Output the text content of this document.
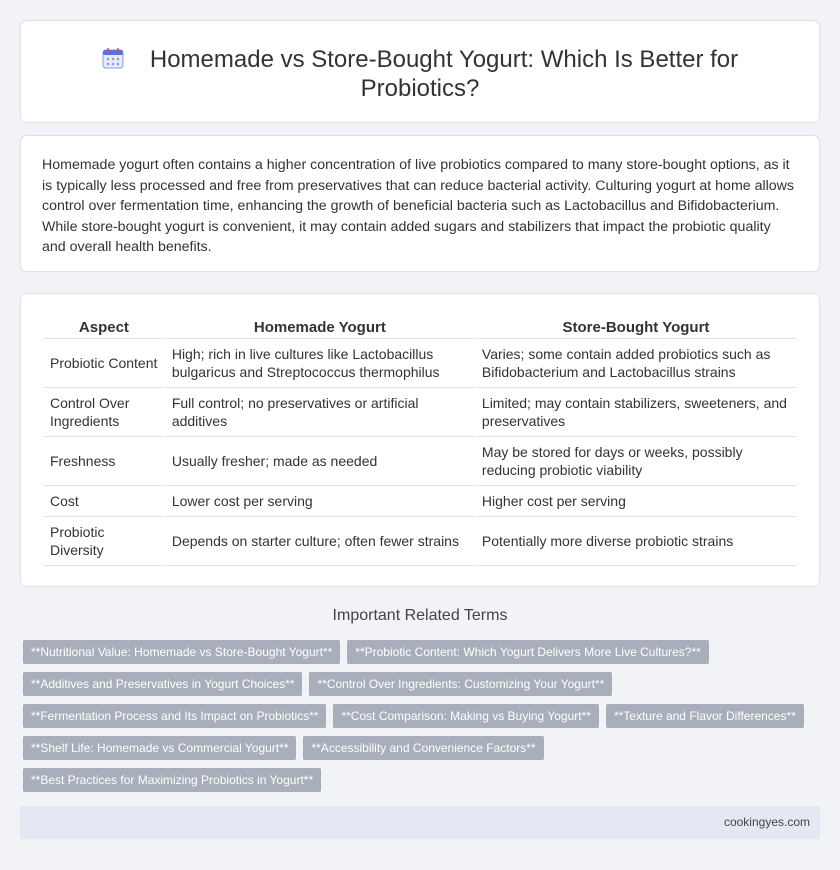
Homemade vs Store-Bought Yogurt: Which Is Better for Probiotics?

Homemade yogurt often contains a higher concentration of live probiotics compared to many store-bought options, as it is typically less processed and free from preservatives that can reduce bacterial activity. Culturing yogurt at home allows control over fermentation time, enhancing the growth of beneficial bacteria such as Lactobacillus and Bifidobacterium. While store-bought yogurt is convenient, it may contain added sugars and stabilizers that impact the probiotic quality and overall health benefits.

Aspect	Homemade Yogurt	Store-Bought Yogurt
Probiotic Content	High; rich in live cultures like Lactobacillus bulgaricus and Streptococcus thermophilus	Varies; some contain added probiotics such as Bifidobacterium and Lactobacillus strains
Control Over Ingredients	Full control; no preservatives or artificial additives	Limited; may contain stabilizers, sweeteners, and preservatives
Freshness	Usually fresher; made as needed	May be stored for days or weeks, possibly reducing probiotic viability
Cost	Lower cost per serving	Higher cost per serving
Probiotic Diversity	Depends on starter culture; often fewer strains	Potentially more diverse probiotic strains
Important Related Terms
**Nutritional Value: Homemade vs Store-Bought Yogurt**	**Probiotic Content: Which Yogurt Delivers More Live Cultures?**
**Additives and Preservatives in Yogurt Choices**	**Control Over Ingredients: Customizing Your Yogurt**
**Fermentation Process and Its Impact on Probiotics**	**Cost Comparison: Making vs Buying Yogurt**	**Texture and Flavor Differences**
**Shelf Life: Homemade vs Commercial Yogurt**	**Accessibility and Convenience Factors**
**Best Practices for Maximizing Probiotics in Yogurt**
cookingyes.com
